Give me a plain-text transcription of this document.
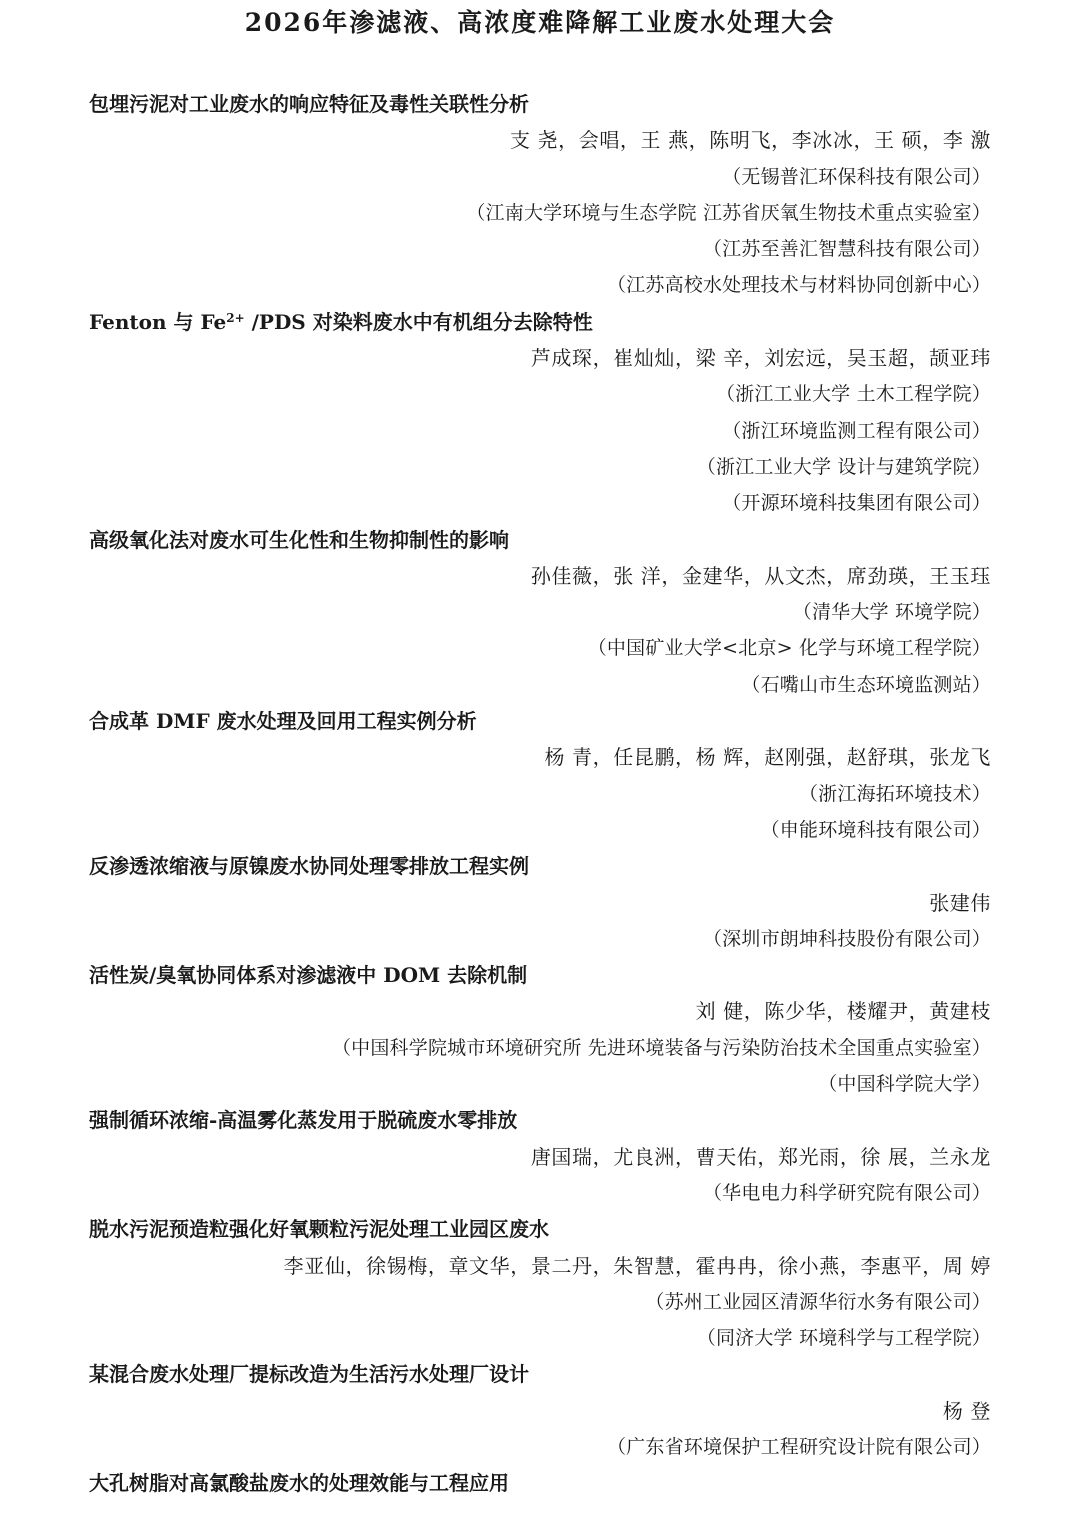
2026年渗滤液、高浓度难降解工业废水处理大会
包埋污泥对工业废水的响应特征及毒性关联性分析
支 尧，会唱，王 燕，陈明飞，李冰冰，王 硕，李 激
（无锡普汇环保科技有限公司）
（江南大学环境与生态学院 江苏省厌氧生物技术重点实验室）
（江苏至善汇智慧科技有限公司）
（江苏高校水处理技术与材料协同创新中心）
Fenton 与 $Fe^{2+}$ /PDS 对染料废水中有机组分去除特性
芦成琛，崔灿灿，梁 辛，刘宏远，吴玉超，颉亚玮
（浙江工业大学 土木工程学院）
（浙江环境监测工程有限公司）
（浙江工业大学 设计与建筑学院）
（开源环境科技集团有限公司）
高级氧化法对废水可生化性和生物抑制性的影响
孙佳薇，张 洋，金建华，从文杰，席劲瑛，王玉珏
（清华大学 环境学院）
（中国矿业大学<北京> 化学与环境工程学院）
（石嘴山市生态环境监测站）
合成革 DMF 废水处理及回用工程实例分析
杨 青，任昆鹏，杨 辉，赵刚强，赵舒琪，张龙飞
（浙江海拓环境技术）
（申能环境科技有限公司）
反渗透浓缩液与原镍废水协同处理零排放工程实例
张建伟
（深圳市朗坤科技股份有限公司）
活性炭/臭氧协同体系对渗滤液中 DOM 去除机制
刘 健，陈少华，楼耀尹，黄建枝
（中国科学院城市环境研究所 先进环境装备与污染防治技术全国重点实验室）
（中国科学院大学）
强制循环浓缩-高温雾化蒸发用于脱硫废水零排放
唐国瑞，尤良洲，曹天佑，郑光雨，徐 展，兰永龙
（华电电力科学研究院有限公司）
脱水污泥预造粒强化好氧颗粒污泥处理工业园区废水
李亚仙，徐锡梅，章文华，景二丹，朱智慧，霍冉冉，徐小燕，李惠平，周 婷
（苏州工业园区清源华衍水务有限公司）
（同济大学 环境科学与工程学院）
某混合废水处理厂提标改造为生活污水处理厂设计
杨 登
（广东省环境保护工程研究设计院有限公司）
大孔树脂对高氯酸盐废水的处理效能与工程应用
